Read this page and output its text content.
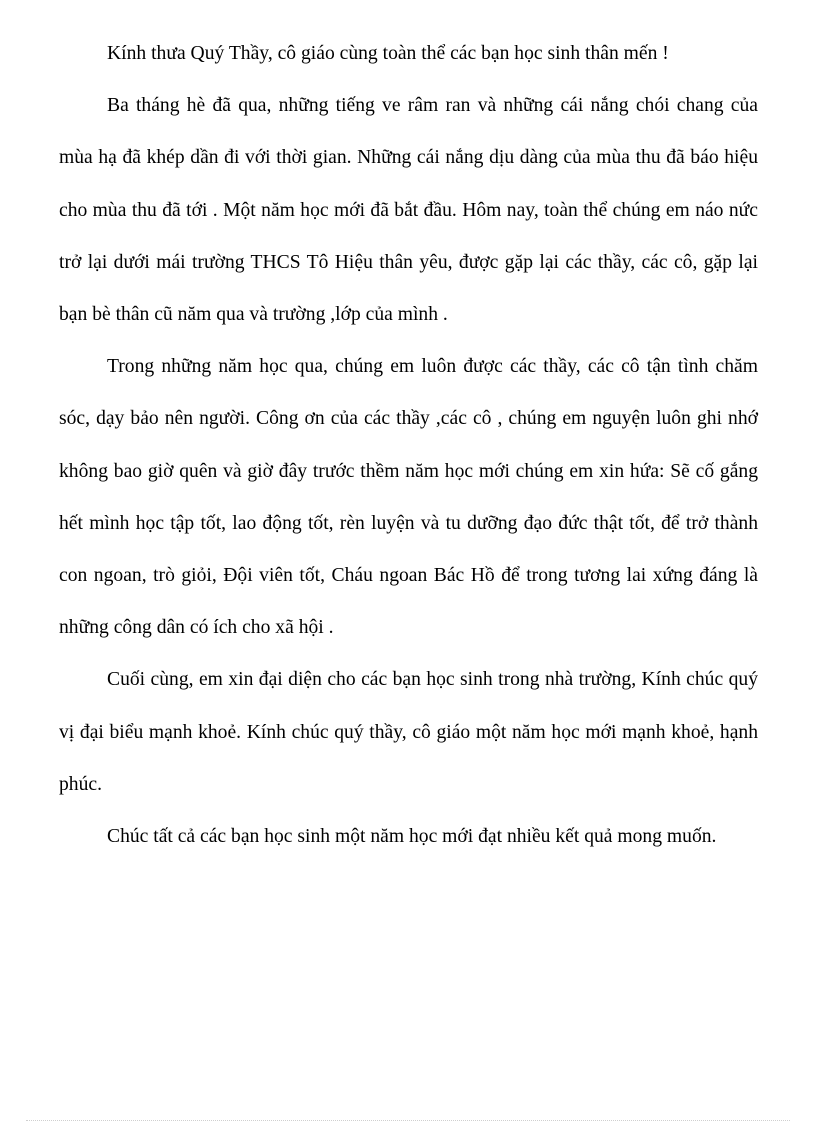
Kính thưa Quý Thầy, cô giáo cùng toàn thể các bạn học sinh thân mến !

Ba tháng hè đã qua, những tiếng ve râm ran và những cái nắng chói chang của mùa hạ đã khép dần đi với thời gian. Những cái nắng dịu dàng của mùa thu đã báo hiệu cho mùa thu đã tới . Một năm học mới đã bắt đầu. Hôm nay, toàn thể chúng em náo nức trở lại dưới mái trường THCS Tô Hiệu thân yêu, được gặp lại các thầy, các cô, gặp lại bạn bè thân cũ năm qua và trường ,lớp của mình .

Trong những năm học qua, chúng em luôn được các thầy, các cô tận tình chăm sóc, dạy bảo nên người. Công ơn của các thầy ,các cô , chúng em nguyện luôn ghi nhớ không bao giờ quên và giờ đây trước thềm năm học mới chúng em xin hứa: Sẽ cố gắng hết mình học tập tốt, lao động tốt, rèn luyện và tu dưỡng đạo đức thật tốt, để trở thành con ngoan, trò giỏi, Đội viên tốt, Cháu ngoan Bác Hồ để trong tương lai xứng đáng là những công dân có ích cho xã hội .

Cuối cùng, em xin đại diện cho các bạn học sinh trong nhà trường, Kính chúc quý vị đại biểu mạnh khoẻ. Kính chúc quý thầy, cô giáo một năm học mới mạnh khoẻ, hạnh phúc.

Chúc tất cả các bạn học sinh một năm học mới đạt nhiều kết quả mong muốn.
